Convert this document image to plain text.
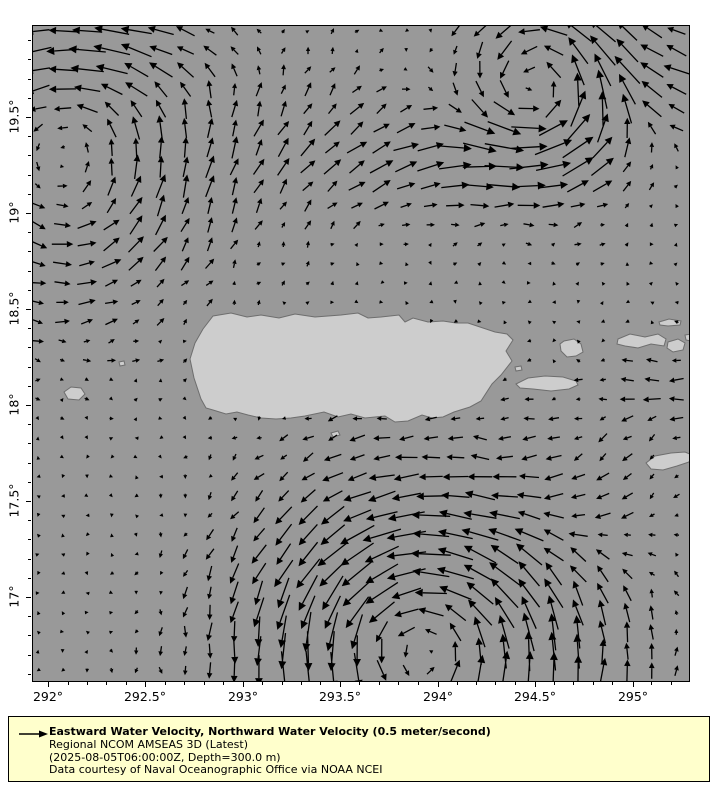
292°	292.5°	293°	293.5°	294°	294.5°	295°
19.5°
19°
18.5°
18°
17.5°
17°
Eastward Water Velocity, Northward Water Velocity (0.5 meter/second)
Regional NCOM AMSEAS 3D (Latest)
(2025-08-05T06:00:00Z, Depth=300.0 m)
Data courtesy of Naval Oceanographic Office via NOAA NCEI
